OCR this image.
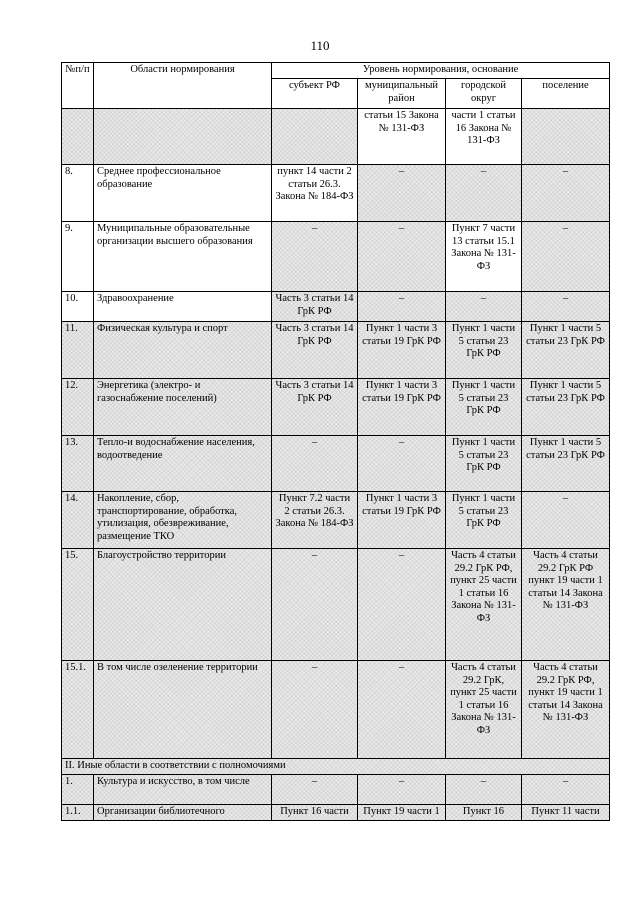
110
№п/п	Области нормирования	Уровень нормирования, основание			
		субъект РФ	муниципальный район	городской округ	поселение
			статьи 15 Закона № 131-ФЗ	части 1 статьи 16 Закона № 131-ФЗ	
8.	Среднее профессиональное образование	пункт 14 части 2 статьи 26.3. Закона № 184-ФЗ	–	–	–
9.	Муниципальные образовательные организации высшего образования	–	–	Пункт 7 части 13 статьи 15.1 Закона № 131-ФЗ	–
10.	Здравоохранение	Часть 3 статьи 14 ГрК РФ	–	–	–
11.	Физическая культура и спорт	Часть 3 статьи 14 ГрК РФ	Пункт 1 части 3 статьи 19 ГрК РФ	Пункт 1 части 5 статьи 23 ГрК РФ	Пункт 1 части 5 статьи 23 ГрК РФ
12.	Энергетика (электро- и газоснабжение поселений)	Часть 3 статьи 14 ГрК РФ	Пункт 1 части 3 статьи 19 ГрК РФ	Пункт 1 части 5 статьи 23 ГрК РФ	Пункт 1 части 5 статьи 23 ГрК РФ
13.	Тепло-и водоснабжение населения, водоотведение	–	–	Пункт 1 части 5 статьи 23 ГрК РФ	Пункт 1 части 5 статьи 23 ГрК РФ
14.	Накопление, сбор, транспортирование, обработка, утилизация, обезвреживание, размещение ТКО	Пункт 7.2 части 2 статьи 26.3. Закона № 184-ФЗ	Пункт 1 части 3 статьи 19 ГрК РФ	Пункт 1 части 5 статьи 23 ГрК РФ	–
15.	Благоустройство территории	–	–	Часть 4 статьи 29.2 ГрК РФ, пункт 25 части 1 статьи 16 Закона № 131-ФЗ	Часть 4 статьи 29.2 ГрК РФ пункт 19 части 1 статьи 14 Закона № 131-ФЗ
15.1.	В том числе озеленение территории	–	–	Часть 4 статьи 29.2 ГрК, пункт 25 части 1 статьи 16 Закона № 131-ФЗ	Часть 4 статьи 29.2 ГрК РФ, пункт 19 части 1 статьи 14 Закона № 131-ФЗ
II. Иные области в соответствии с полномочиями					
1.	Культура и искусство, в том числе	–	–	–	–
1.1.	Организации библиотечного	Пункт 16 части	Пункт 19 части 1	Пункт 16	Пункт 11 части
